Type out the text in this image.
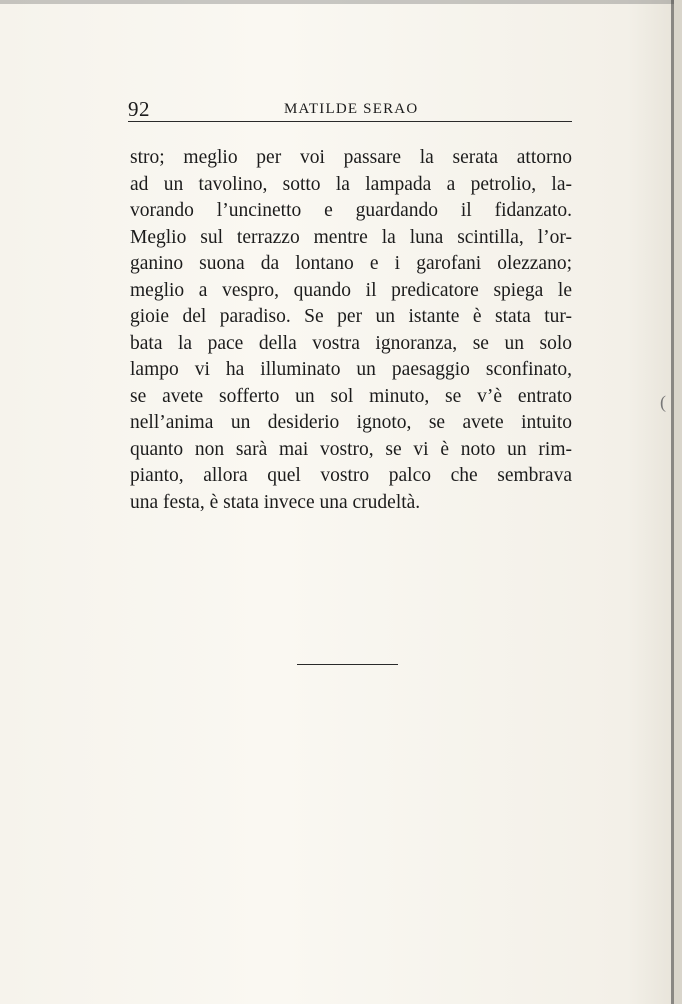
92	MATILDE SERAO
stro; meglio per voi passare la serata attorno
ad un tavolino, sotto la lampada a petrolio, la-
vorando l’uncinetto e guardando il fidanzato.
Meglio sul terrazzo mentre la luna scintilla, l’or-
ganino suona da lontano e i garofani olezzano;
meglio a vespro, quando il predicatore spiega le
gioie del paradiso. Se per un istante è stata tur-
bata la pace della vostra ignoranza, se un solo
lampo vi ha illuminato un paesaggio sconfinato,
se avete sofferto un sol minuto, se v’è entrato
nell’anima un desiderio ignoto, se avete intuito
quanto non sarà mai vostro, se vi è noto un rim-
pianto, allora quel vostro palco che sembrava
una festa, è stata invece una crudeltà.
(
